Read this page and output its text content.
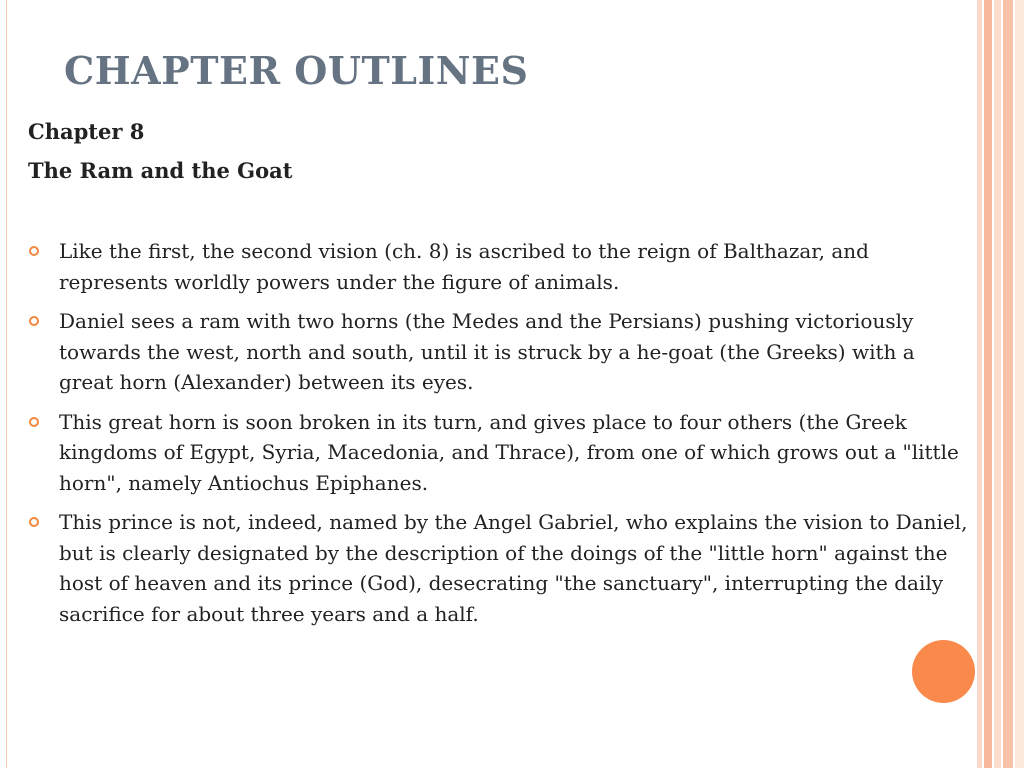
CHAPTER OUTLINES

Chapter 8

The Ram and the Goat

Like the first, the second vision (ch. 8) is ascribed to the reign of Balthazar, and represents worldly powers under the figure of animals.
Daniel sees a ram with two horns (the Medes and the Persians) pushing victoriously towards the west, north and south, until it is struck by a he-goat (the Greeks) with a great horn (Alexander) between its eyes.
This great horn is soon broken in its turn, and gives place to four others (the Greek kingdoms of Egypt, Syria, Macedonia, and Thrace), from one of which grows out a "little horn", namely Antiochus Epiphanes.
This prince is not, indeed, named by the Angel Gabriel, who explains the vision to Daniel, but is clearly designated by the description of the doings of the "little horn" against the host of heaven and its prince (God), desecrating "the sanctuary", interrupting the daily sacrifice for about three years and a half.
